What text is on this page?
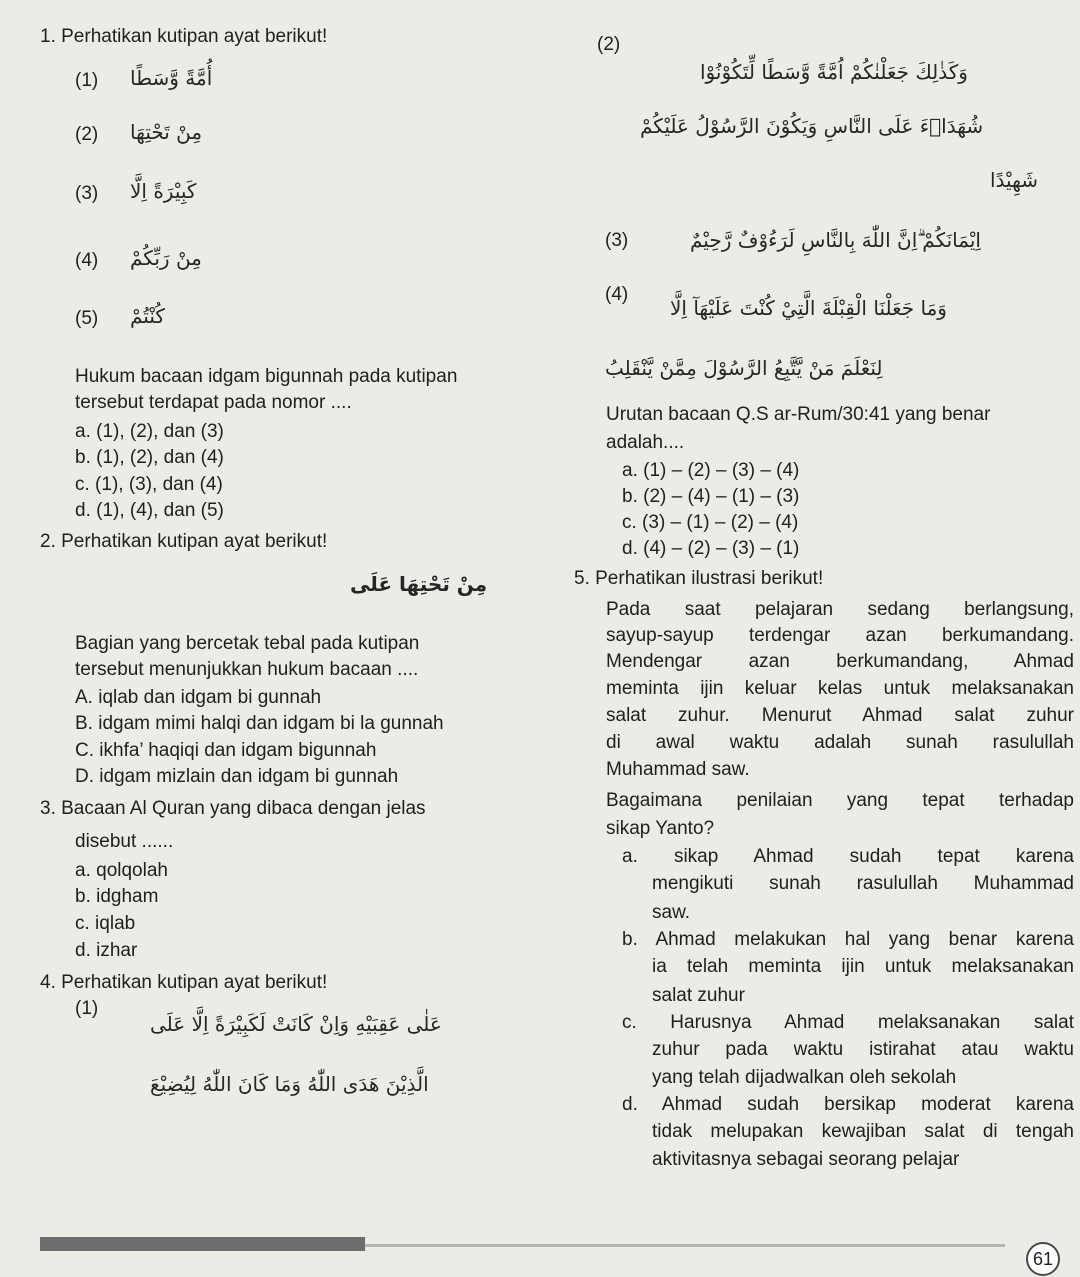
1. Perhatikan kutipan ayat berikut!
(1) أُمَّةً وَّسَطًا
(2) مِنْ تَحْتِهَا
(3) كَبِيْرَةً اِلَّا
(4) مِنْ رَبِّكُمْ
(5) كُنْتُمْ
Hukum bacaan idgam bigunnah pada kutipan
tersebut terdapat pada nomor ....
a. (1), (2), dan (3)
b. (1), (2), dan (4)
c. (1), (3), dan (4)
d. (1), (4), dan (5)
2. Perhatikan kutipan ayat berikut!
مِنْ تَحْتِهَا عَلَى
Bagian yang bercetak tebal pada kutipan
tersebut menunjukkan hukum bacaan ....
A. iqlab dan idgam bi gunnah
B. idgam mimi halqi dan idgam bi la gunnah
C. ikhfa’ haqiqi dan idgam bigunnah
D. idgam mizlain dan idgam bi gunnah
3. Bacaan Al Quran yang dibaca dengan jelas
disebut ......
a. qolqolah
b. idgham
c. iqlab
d. izhar
4. Perhatikan kutipan ayat berikut!
(1)
عَلٰى عَقِبَيْهِ وَاِنْ كَانَتْ لَكَبِيْرَةً اِلَّا عَلَى
الَّذِيْنَ هَدَى اللّٰهُ وَمَا كَانَ اللّٰهُ لِيُضِيْعَ
(2)
وَكَذٰلِكَ جَعَلْنٰكُمْ اُمَّةً وَّسَطًا لِّتَكُوْنُوْا
شُهَدَاۤءَ عَلَى النَّاسِ وَيَكُوْنَ الرَّسُوْلُ عَلَيْكُمْ
شَهِيْدًا
(3)	اِيْمَانَكُمْ ۗاِنَّ اللّٰهَ بِالنَّاسِ لَرَءُوْفٌ رَّحِيْمٌ
(4)
وَمَا جَعَلْنَا الْقِبْلَةَ الَّتِيْ كُنْتَ عَلَيْهَآ اِلَّا
لِنَعْلَمَ مَنْ يَّتَّبِعُ الرَّسُوْلَ مِمَّنْ يَّنْقَلِبُ
Urutan bacaan Q.S ar-Rum/30:41 yang benar
adalah....
a. (1) – (2) – (3) – (4)
b. (2) – (4) – (1) – (3)
c. (3) – (1) – (2) – (4)
d. (4) – (2) – (3) – (1)
5. Perhatikan ilustrasi berikut!
Pada saat pelajaran sedang berlangsung,
sayup-sayup terdengar azan berkumandang.
Mendengar azan berkumandang, Ahmad
meminta ijin keluar kelas untuk melaksanakan
salat zuhur. Menurut Ahmad salat zuhur
di awal waktu adalah sunah rasulullah
Muhammad saw.
Bagaimana penilaian yang tepat terhadap
sikap Yanto?
a. sikap Ahmad sudah tepat karena
mengikuti sunah rasulullah Muhammad
saw.
b. Ahmad melakukan hal yang benar karena
ia telah meminta ijin untuk melaksanakan
salat zuhur
c. Harusnya Ahmad melaksanakan salat
zuhur pada waktu istirahat atau waktu
yang telah dijadwalkan oleh sekolah
d. Ahmad sudah bersikap moderat karena
tidak melupakan kewajiban salat di tengah
aktivitasnya sebagai seorang pelajar
61
